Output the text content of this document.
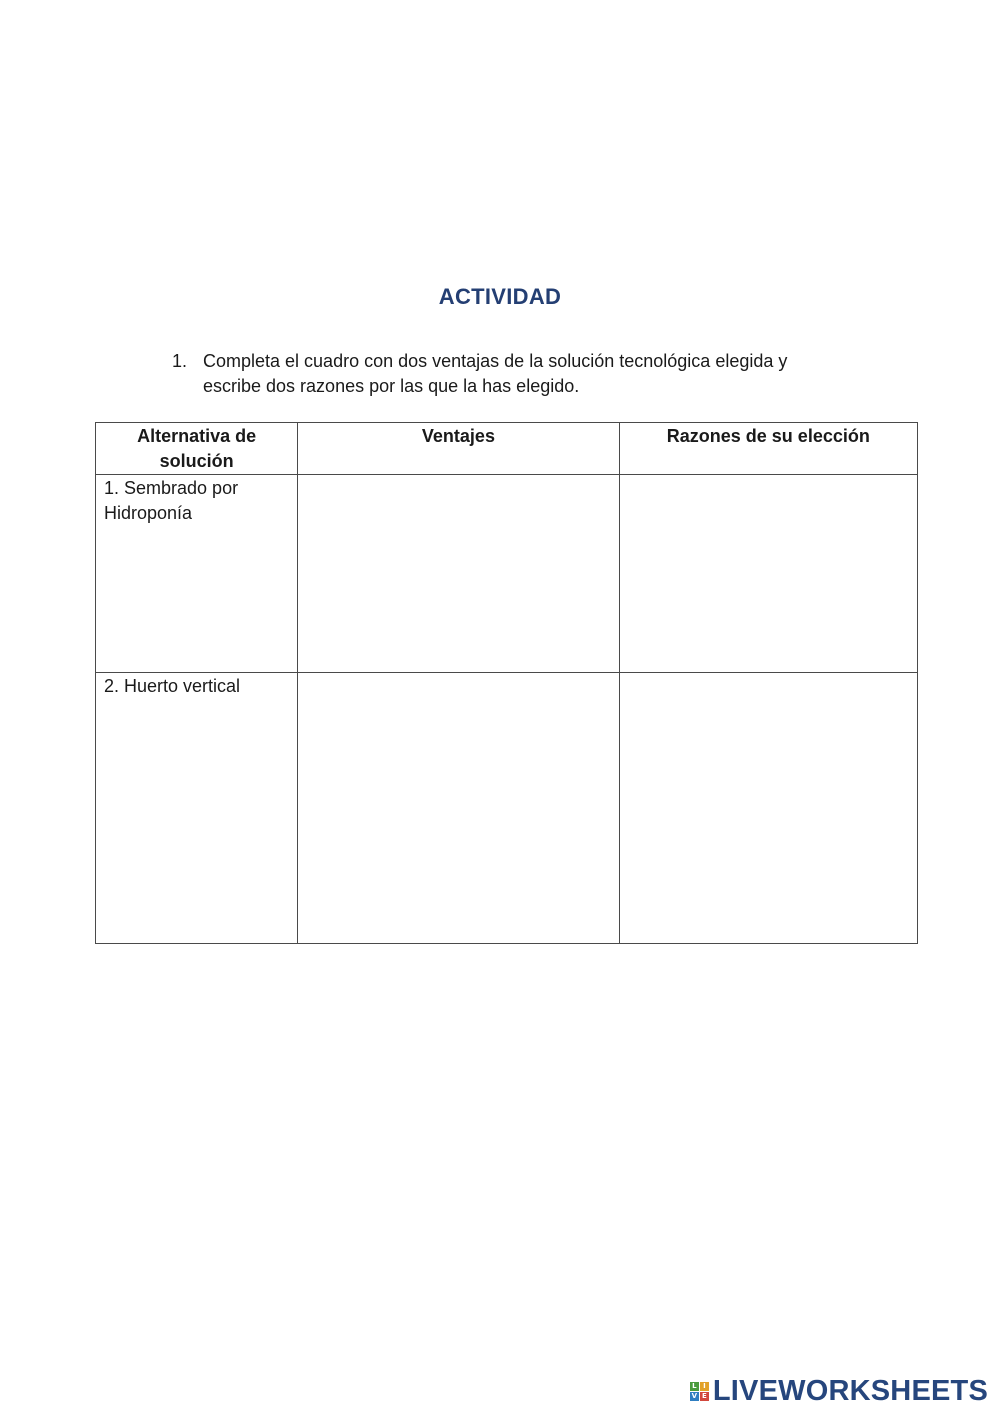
ACTIVIDAD
1. Completa el cuadro con dos ventajas de la solución tecnológica elegida y
escribe dos razones por las que la has elegido.
Alternativa de
solución	Ventajes	Razones de su elección

1. Sembrado por
Hidroponía		

2. Huerto vertical		

L I
V E LIVEWORKSHEETS
